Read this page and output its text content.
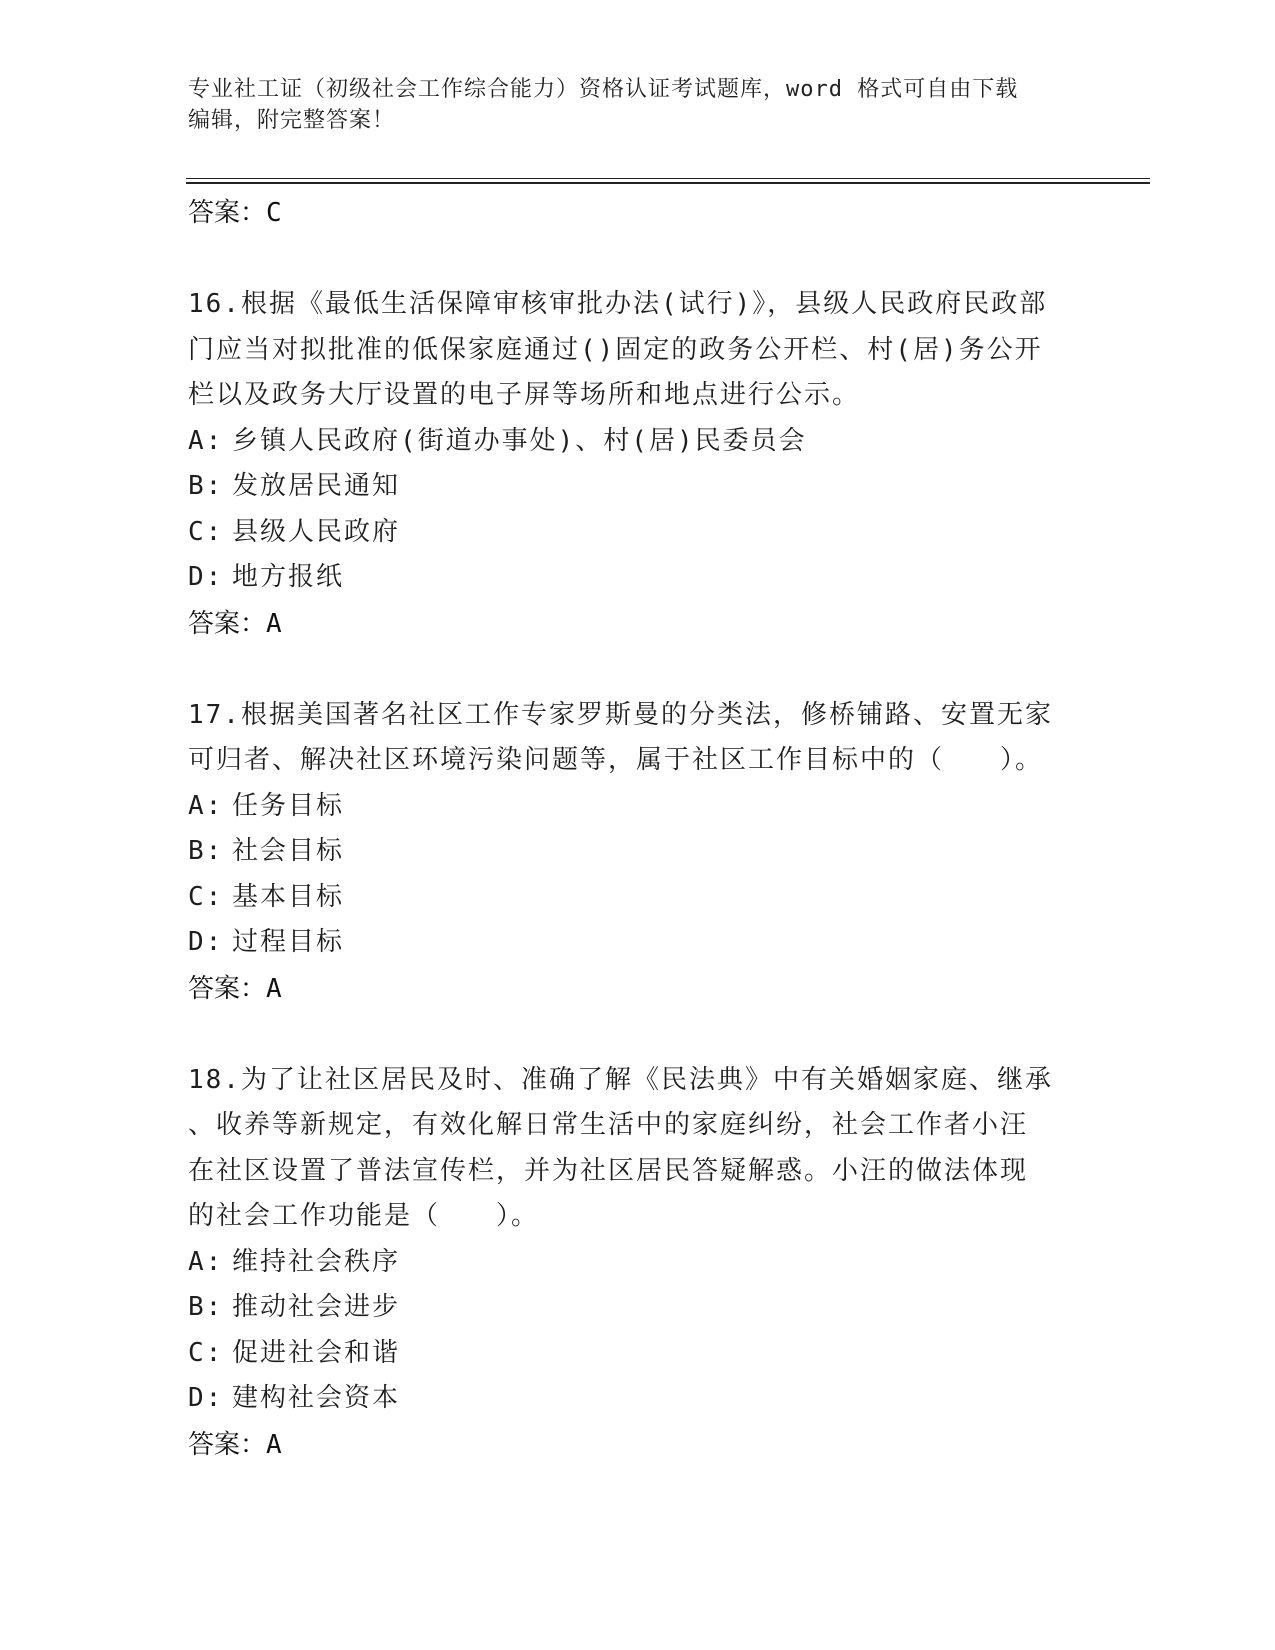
专业社工证（初级社会工作综合能力）资格认证考试题库，word 格式可自由下载
编辑，附完整答案！
答案：C
16.根据《最低生活保障审核审批办法(试行)》，县级人民政府民政部
门应当对拟批准的低保家庭通过()固定的政务公开栏、村(居)务公开
栏以及政务大厅设置的电子屏等场所和地点进行公示。
A: 乡镇人民政府(街道办事处)、村(居)民委员会
B: 发放居民通知
C: 县级人民政府
D: 地方报纸
答案：A
17.根据美国著名社区工作专家罗斯曼的分类法，修桥铺路、安置无家
可归者、解决社区环境污染问题等，属于社区工作目标中的（　　）。
A: 任务目标
B: 社会目标
C: 基本目标
D: 过程目标
答案：A
18.为了让社区居民及时、准确了解《民法典》中有关婚姻家庭、继承
、收养等新规定，有效化解日常生活中的家庭纠纷，社会工作者小汪
在社区设置了普法宣传栏，并为社区居民答疑解惑。小汪的做法体现
的社会工作功能是（　　）。
A: 维持社会秩序
B: 推动社会进步
C: 促进社会和谐
D: 建构社会资本
答案：A
